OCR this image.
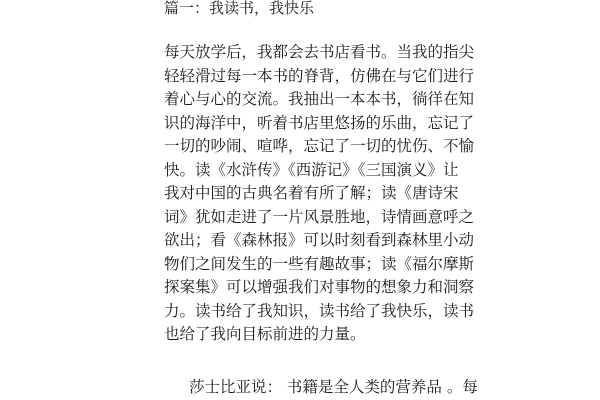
篇一：我读书，我快乐
每天放学后，我都会去书店看书。当我的指尖
轻轻滑过每一本书的脊背，仿佛在与它们进行
着心与心的交流。我抽出一本本书，徜徉在知
识的海洋中，听着书店里悠扬的乐曲，忘记了
一切的吵闹、喧哗，忘记了一切的忧伤、不愉
快。读《水浒传》《西游记》《三国演义》让
我对中国的古典名着有所了解；读《唐诗宋
词》犹如走进了一片风景胜地，诗情画意呼之
欲出；看《森林报》可以时刻看到森林里小动
物们之间发生的一些有趣故事；读《福尔摩斯
探案集》可以增强我们对事物的想象力和洞察
力。读书给了我知识，读书给了我快乐，读书
也给了我向目标前进的力量。
莎士比亚说： 书籍是全人类的营养品 。每
